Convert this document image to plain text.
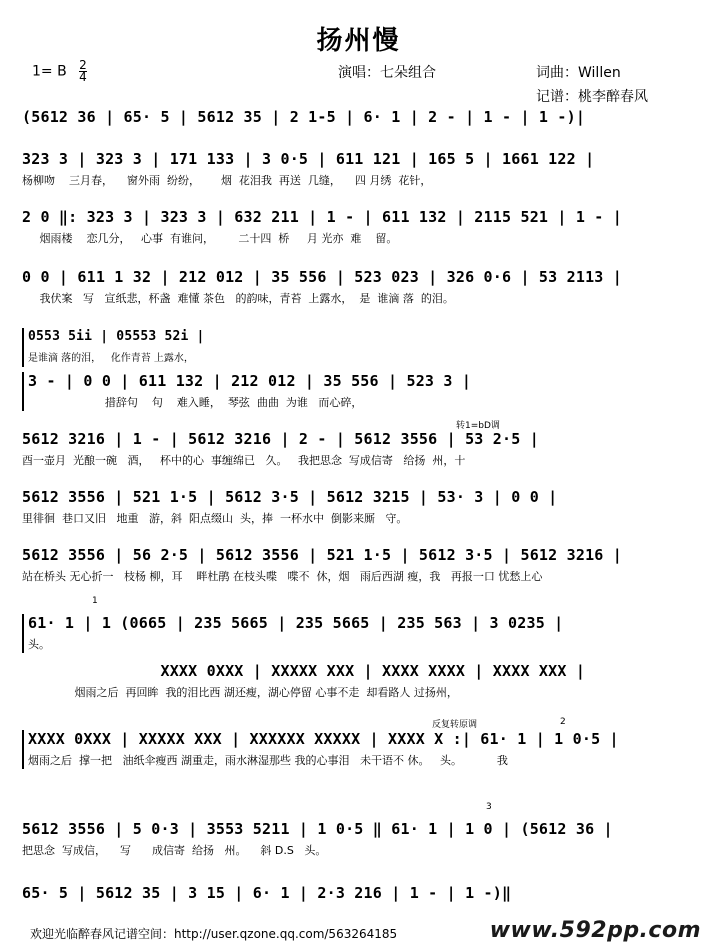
扬州慢
1= B $\frac{2}{4}$	演唱：七朵组合	词曲：Willen
记谱：桃李醉春风
(5612 36 | 65· 5 | 5612 35 | 2 1-5 | 6· 1 | 2 - | 1 - | 1 -)|
323 3 | 323 3 | 171 133 | 3 0·5 | 611 121 | 165 5 | 1661 122 |
杨柳吻    三月春，    窗外雨  纷纷，      烟  花泪我  再送  几缝，    四 月绣  花针，
2 0 ‖: 323 3 | 323 3 | 632 211 | 1 - | 611 132 | 2115 521 | 1 - |
烟雨楼    恋几分，   心事  有谁问，       二十四  桥     月 光亦  难    留。
0 0 | 611 1 32 | 212 012 | 35 556 | 523 023 | 326 0·6 | 53 2113 |
我伏案   写   宣纸悲，杯盏  难懂 茶色   的韵味，青苔  上露水，  是  谁滴 落  的泪。
0553 5ii | 05553 52i |
是谁滴 落的泪，   化作青苔 上露水，
3 - | 0 0 | 611 132 | 212 012 | 35 556 | 523 3 |
措辞句    句    难入睡，  琴弦  曲曲  为谁   而心碎，
转1=bD调
5612 3216 | 1 - | 5612 3216 | 2 - | 5612 3556 | 53 2·5 |
酉一壶月  光酿一碗   酒，   杯中的心  事缠绵已   久。   我把思念  写成信寄   给扬  州，十
5612 3556 | 521 1·5 | 5612 3·5 | 5612 3215 | 53· 3 | 0 0 |
里徘徊  巷口又旧   地重   游，斜  阳点缀山  头，捧  一杯水中  倒影来厮   守。
5612 3556 | 56 2·5 | 5612 3556 | 521 1·5 | 5612 3·5 | 5612 3216 |
站在桥头 无心折一   枝杨 柳，耳    畔杜鹃 在枝头喋   喋不  休，烟   雨后西湖 瘦，我   再报一口 忧愁上心
1
61· 1 | 1 (0665 | 235 5665 | 235 5665 | 235 563 | 3 0235 |
头。
XXXX 0XXX | XXXXX XXX | XXXX XXXX | XXXX XXX |
烟雨之后  再回眸  我的泪比西 湖还瘦，湖心停留 心事不走  却看路人 过扬州，
反复转原调	2
XXXX 0XXX | XXXXX XXX | XXXXXX XXXXX | XXXX X :| 61· 1 | 1 0·5 |
烟雨之后  撑一把   油纸伞瘦西 湖重走，雨水淋湿那些 我的心事泪   未干语不 休。   头。          我
3
5612 3556 | 5 0·3 | 3553 5211 | 1 0·5 ‖ 61· 1 | 1 0 | (5612 36 |
把思念  写成信，    写      成信寄  给扬   州。    斜 D.S   头。
65· 5 | 5612 35 | 3 15 | 6· 1 | 2·3 216 | 1 - | 1 -)‖
欢迎光临醉春风记谱空间：http://user.qzone.qq.com/563264185	www.592pp.com
